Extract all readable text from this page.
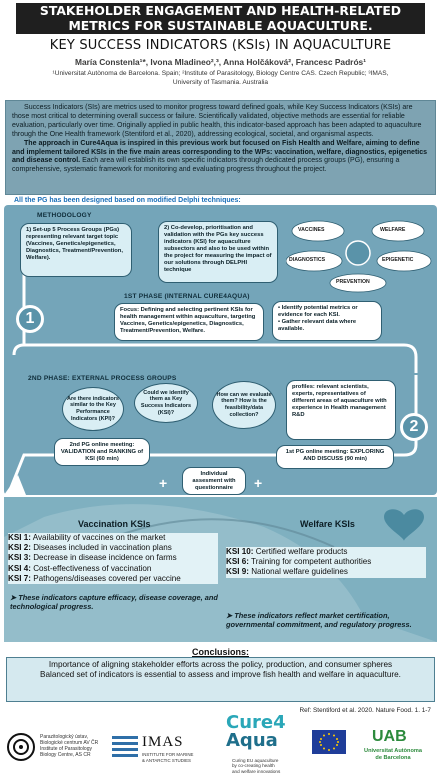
STAKEHOLDER ENGAGEMENT AND HEALTH-RELATED
METRICS FOR SUSTAINABLE AQUACULTURE.
KEY SUCCESS INDICATORS (KSIs) IN AQUACULTURE
María Constenla¹*, Ivona Mladineo²,³, Anna Holčáková², Francesc Padrós¹
¹Universitat Autònoma de Barcelona. Spain; ²Institute of Parasitology, Biology Centre CAS. Czech Republic; ³IMAS,
University of Tasmania. Australia
Success Indicators (SIs) are metrics used to monitor progress toward defined goals, while Key Success Indicators (KSIs) are those most critical to determining overall success or failure. Scientifically validated, objective methods are essential for reliable evaluation, particularly over time. Originally applied in public health, this indicator-based approach has been adapted to aquaculture through the One Health framework (Stentiford et al., 2020), addressing ecological, societal, and organismal aspects.
The approach in Cure4Aqua is inspired in this previous work but focused on Fish Health and Welfare, aiming to define and implement tailored KSIs in the five main areas corresponding to the WPs: vaccination, welfare, diagnostics, epigenetics and disease control. Each area will establish its own specific indicators through dedicated process groups (PG), ensuring a comprehensive, systematic framework for monitoring and evaluating progress throughout the project.
All the PG has been designed based on modified Delphi techniques:
METHODOLOGY
1) Set-up 5 Process Groups (PGs) representing relevant target topic (Vaccines, Genetics/epigenetics, Diagnostics, Treatment/Prevention, Welfare).
2) Co-develop, prioritisation and validation with the PGs key success indicators (KSI) for aquaculture subsectors and also to be used within the project for measuring the impact of our solutions through DELPHI technique
VACCINES	WELFARE
DIAGNOSTICS	EPIGENETIC
PREVENTION
1ST PHASE (INTERNAL CURE4AQUA)
1	Focus: Defining and selecting pertinent KSIs for health management within aquaculture, targeting Vaccines, Genetics/epigenetics, Diagnostics, Treatment/Prevention, Welfare.
• Identify potential metrics or evidence for each KSI.
• Gather relevant data where available.
2ND PHASE: EXTERNAL PROCESS GROUPS
Are there indicators similar to the Key Performance Indicators (KPI)?
Could we identify them as Key Success Indicators (KSI)?
How can we evaluate them? How is the feasibility/data collection?
profiles: relevant scientists, experts, representatives of different areas of aquaculture with experience in Health management R&D
2
2nd PG online meeting: VALIDATION and RANKING of KSI (60 min)
+
Individual assesment with questionnaire	+
1st PG online meeting: EXPLORING AND DISCUSS (90 min)
Vaccination KSIs
KSI 1: Availability of vaccines on the market
KSI 2: Diseases included in vaccination plans
KSI 3: Decrease in disease incidence on farms
KSI 4: Cost-effectiveness of vaccination
KSI 7: Pathogens/diseases covered per vaccine
➤ These indicators capture efficacy, disease coverage, and technological progress.
Welfare KSIs
KSI 10: Certified welfare products
KSI 6: Training for competent authorities
KSI 9: National welfare guidelines
➤ These indicators reflect market certification, governmental commitment, and regulatory progress.
Conclusions:
Importance of aligning stakeholder efforts across the policy, production, and consumer spheres
Balanced set of indicators is essential to assess and improve fish health and welfare in aquaculture.
Ref: Stentiford et al. 2020. Nature Food. 1. 1-7
Parazitologický ústav,
Biologické centrum AV ČR
Institute of Parasitology
Biology Centre, AS CR
IMAS
INSTITUTE FOR MARINE
& ANTARCTIC STUDIES
Cure4
Aqua
Curing EU aquaculture
by co-creating health
and welfare innovations
UAB
Universitat Autònoma
de Barcelona
